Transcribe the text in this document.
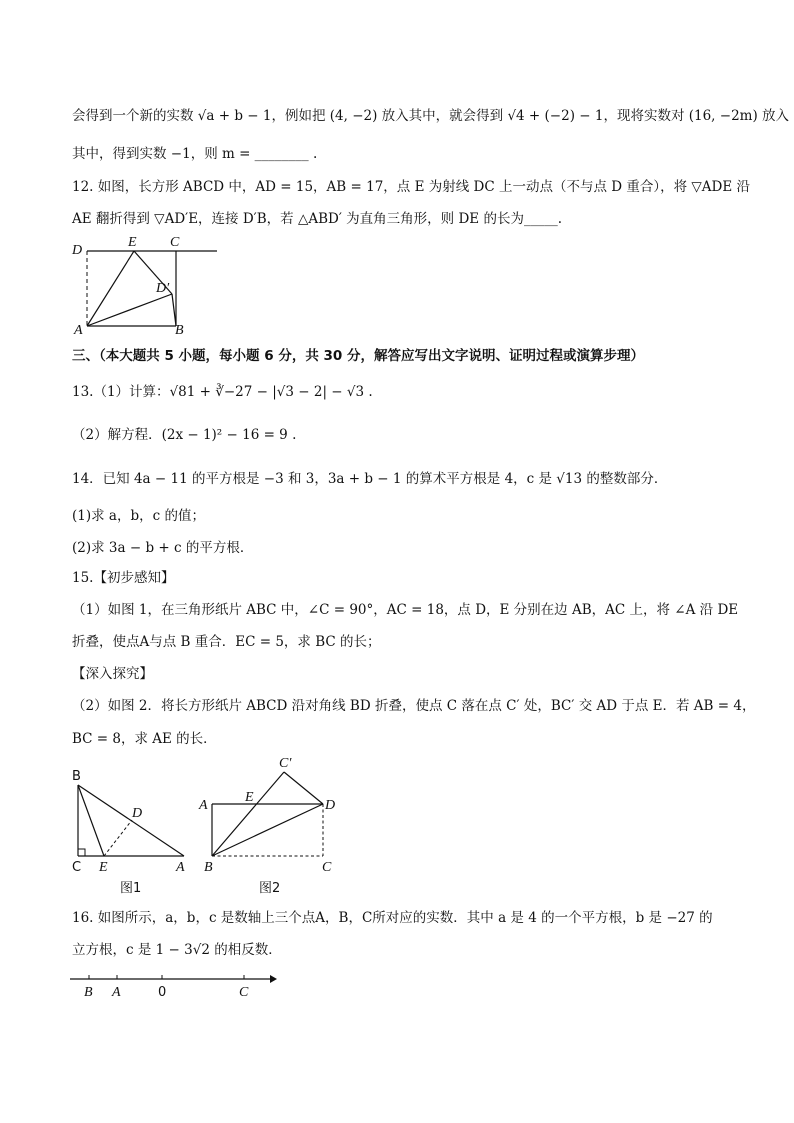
会得到一个新的实数 √a + b − 1，例如把 (4, −2) 放入其中，就会得到 √4 + (−2) − 1，现将实数对 (16, −2m) 放入
其中，得到实数 −1，则 m = ________ .
12. 如图，长方形 ABCD 中，AD = 15，AB = 17，点 E 为射线 DC 上一动点（不与点 D 重合），将 ▽ADE 沿
AE 翻折得到 ▽AD′E，连接 D′B，若 △ABD′ 为直角三角形，则 DE 的长为_____.
D
E C
D′
A	B
三、（本大题共 5 小题，每小题 6 分，共 30 分，解答应写出文字说明、证明过程或演算步理）
13.（1）计算：√81 + ∛−27 − |√3 − 2| − √3 .
（2）解方程．(2x − 1)² − 16 = 9 .
14．已知 4a − 11 的平方根是 −3 和 3，3a + b − 1 的算术平方根是 4，c 是 √13 的整数部分．
(1)求 a，b，c 的值；
(2)求 3a − b + c 的平方根．
15.【初步感知】
（1）如图 1，在三角形纸片 ABC 中，∠C = 90°，AC = 18，点 D，E 分别在边 AB，AC 上，将 ∠A 沿 DE
折叠，使点A与点 B 重合．EC = 5，求 BC 的长；
【深入探究】
（2）如图 2．将长方形纸片 ABCD 沿对角线 BD 折叠，使点 C 落在点 C′ 处，BC′ 交 AD 于点 E．若 AB = 4，
BC = 8，求 AE 的长．
B
D
C E	A
图1
C′
A
E
D
B	C
图2
16. 如图所示，a，b，c 是数轴上三个点A，B，C所对应的实数．其中 a 是 4 的一个平方根，b 是 −27 的
立方根，c 是 1 − 3√2 的相反数．
B A	0	C
